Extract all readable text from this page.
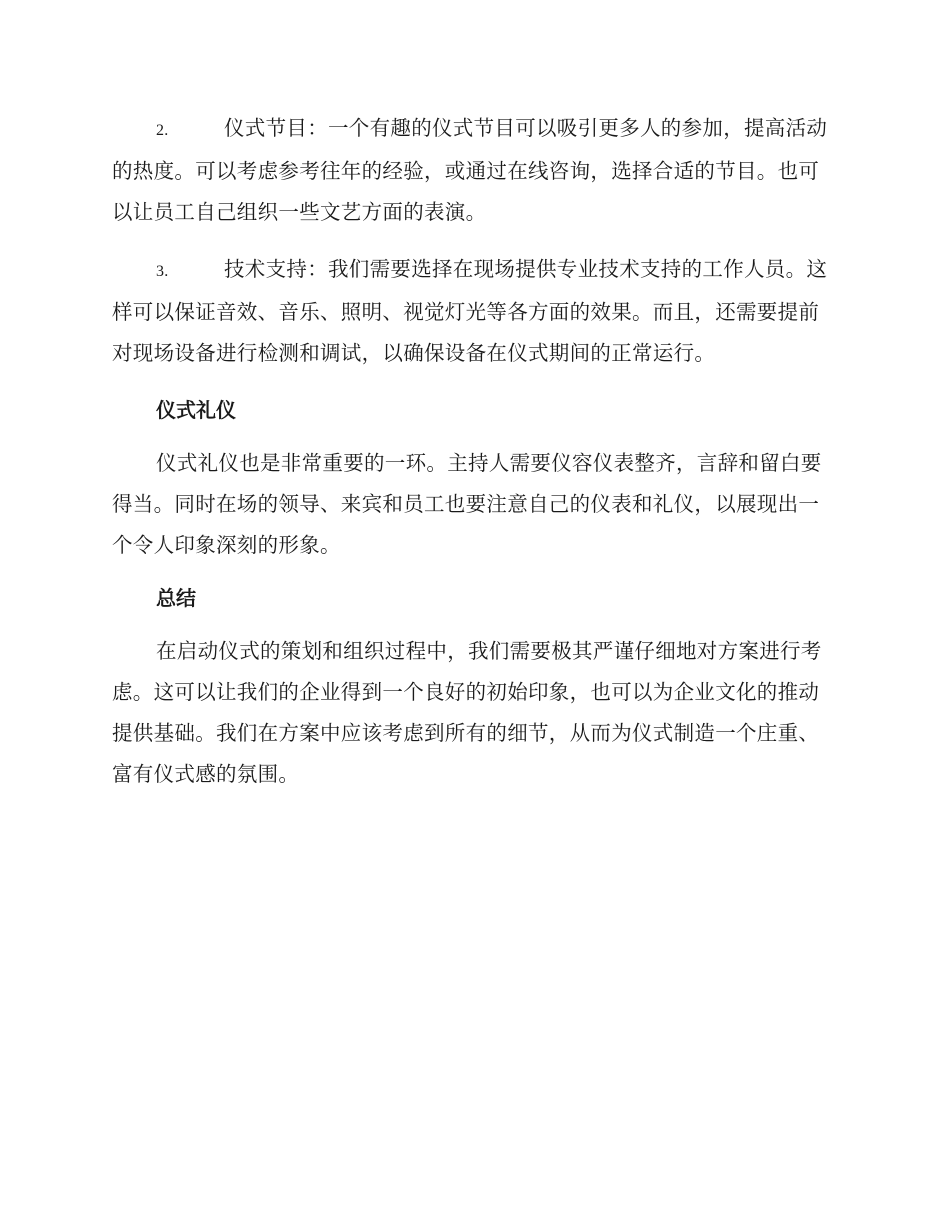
2.	仪式节目：一个有趣的仪式节目可以吸引更多人的参加，提高活动的热度。可以考虑参考往年的经验，或通过在线咨询，选择合适的节目。也可以让员工自己组织一些文艺方面的表演。

3.	技术支持：我们需要选择在现场提供专业技术支持的工作人员。这样可以保证音效、音乐、照明、视觉灯光等各方面的效果。而且，还需要提前对现场设备进行检测和调试，以确保设备在仪式期间的正常运行。

仪式礼仪

仪式礼仪也是非常重要的一环。主持人需要仪容仪表整齐，言辞和留白要得当。同时在场的领导、来宾和员工也要注意自己的仪表和礼仪，以展现出一个令人印象深刻的形象。

总结

在启动仪式的策划和组织过程中，我们需要极其严谨仔细地对方案进行考虑。这可以让我们的企业得到一个良好的初始印象，也可以为企业文化的推动提供基础。我们在方案中应该考虑到所有的细节，从而为仪式制造一个庄重、富有仪式感的氛围。
